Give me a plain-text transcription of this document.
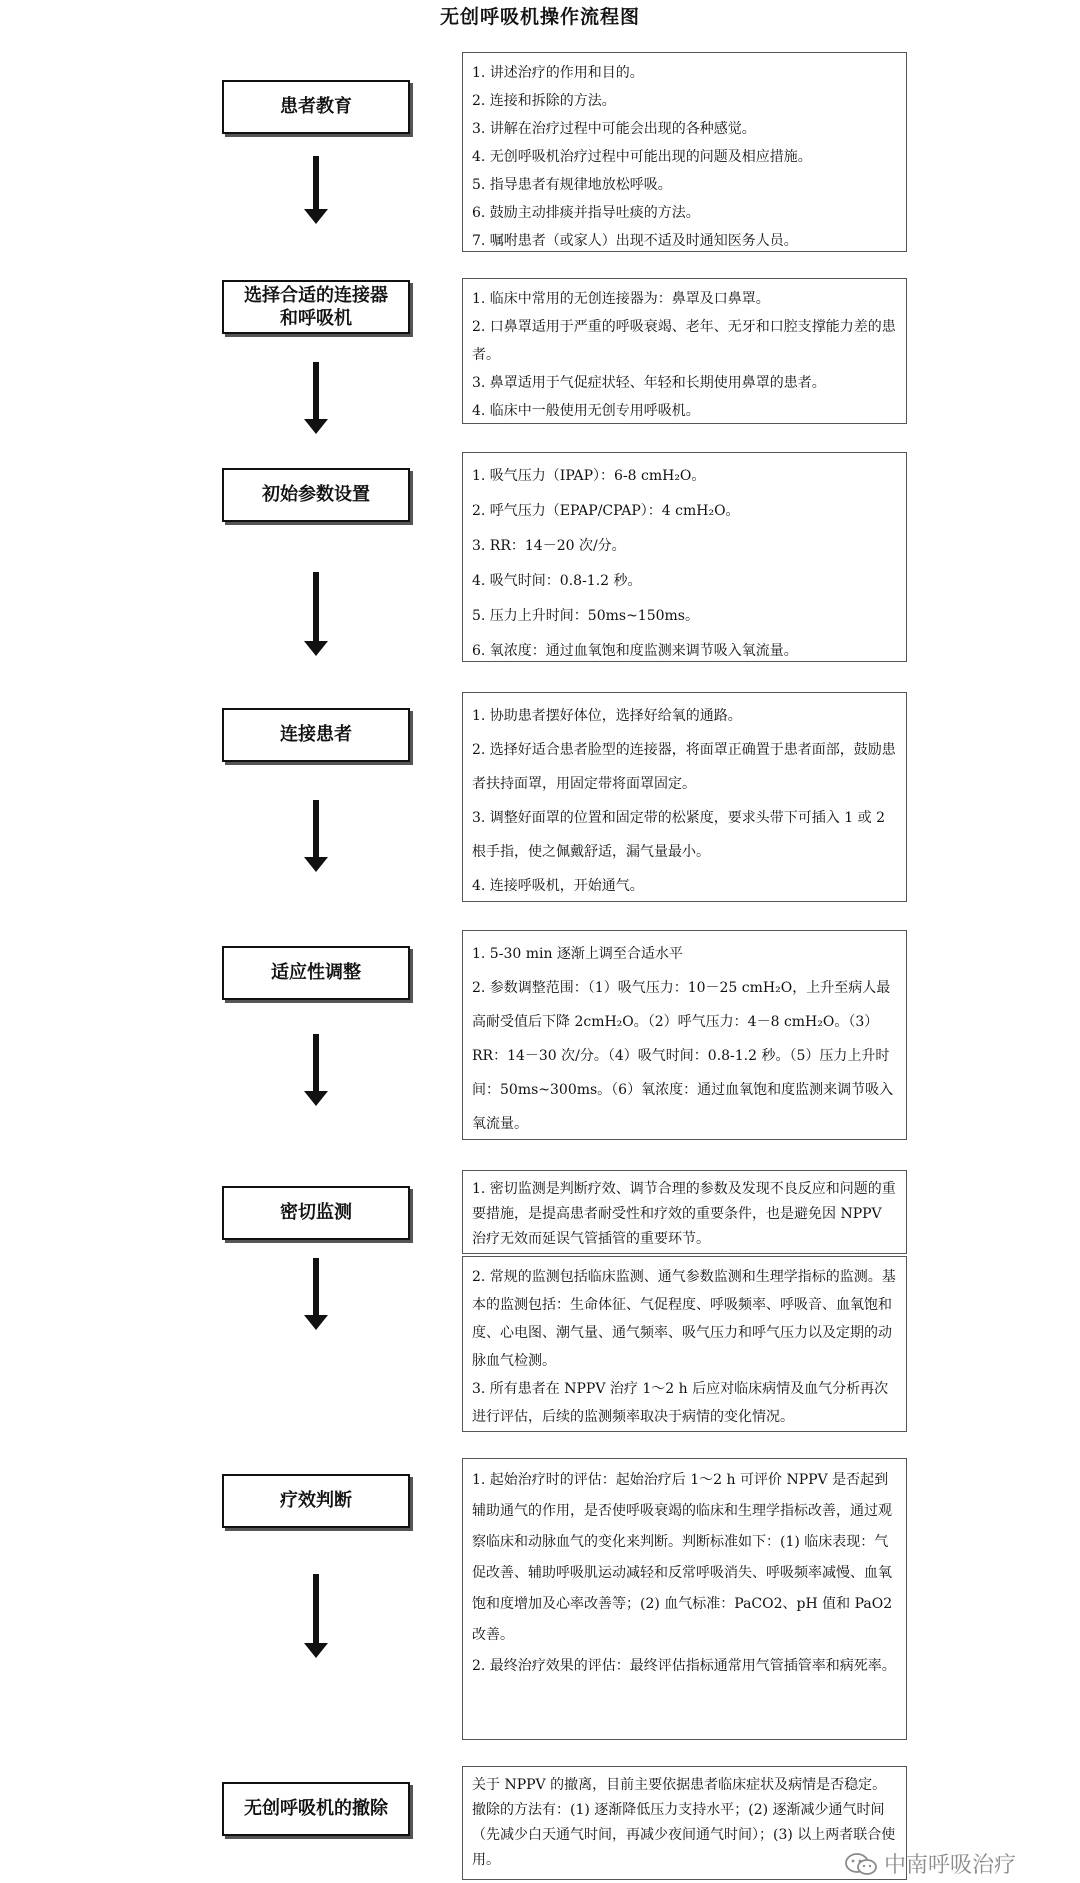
无创呼吸机操作流程图
患者教育
选择合适的连接器
和呼吸机
初始参数设置
连接患者
适应性调整
密切监测
疗效判断
无创呼吸机的撤除

1. 讲述治疗的作用和目的。

2. 连接和拆除的方法。

3. 讲解在治疗过程中可能会出现的各种感觉。

4. 无创呼吸机治疗过程中可能出现的问题及相应措施。

5. 指导患者有规律地放松呼吸。

6. 鼓励主动排痰并指导吐痰的方法。

7. 嘱咐患者（或家人）出现不适及时通知医务人员。

1. 临床中常用的无创连接器为：鼻罩及口鼻罩。

2. 口鼻罩适用于严重的呼吸衰竭、老年、无牙和口腔支撑能力差的患者。

3. 鼻罩适用于气促症状轻、年轻和长期使用鼻罩的患者。

4. 临床中一般使用无创专用呼吸机。

1. 吸气压力（IPAP）：6-8 cmH₂O。

2. 呼气压力（EPAP/CPAP）：4 cmH₂O。

3. RR：14－20 次/分。

4. 吸气时间：0.8-1.2 秒。

5. 压力上升时间：50ms~150ms。

6. 氧浓度：通过血氧饱和度监测来调节吸入氧流量。

1. 协助患者摆好体位，选择好给氧的通路。

2. 选择好适合患者脸型的连接器，将面罩正确置于患者面部，鼓励患者扶持面罩，用固定带将面罩固定。

3. 调整好面罩的位置和固定带的松紧度，要求头带下可插入 1 或 2 根手指，使之佩戴舒适，漏气量最小。

4. 连接呼吸机，开始通气。

1. 5-30 min 逐渐上调至合适水平

2. 参数调整范围：（1）吸气压力：10－25 cmH₂O，上升至病人最高耐受值后下降 2cmH₂O。（2）呼气压力：4－8 cmH₂O。（3）RR：14－30 次/分。（4）吸气时间：0.8-1.2 秒。（5）压力上升时间：50ms~300ms。（6）氧浓度：通过血氧饱和度监测来调节吸入氧流量。

1. 密切监测是判断疗效、调节合理的参数及发现不良反应和问题的重要措施，是提高患者耐受性和疗效的重要条件，也是避免因 NPPV 治疗无效而延误气管插管的重要环节。

2. 常规的监测包括临床监测、通气参数监测和生理学指标的监测。基本的监测包括：生命体征、气促程度、呼吸频率、呼吸音、血氧饱和度、心电图、潮气量、通气频率、吸气压力和呼气压力以及定期的动脉血气检测。

3. 所有患者在 NPPV 治疗 1～2 h 后应对临床病情及血气分析再次进行评估，后续的监测频率取决于病情的变化情况。

1. 起始治疗时的评估：起始治疗后 1～2 h 可评价 NPPV 是否起到辅助通气的作用，是否使呼吸衰竭的临床和生理学指标改善，通过观察临床和动脉血气的变化来判断。判断标准如下：(1) 临床表现：气促改善、辅助呼吸肌运动减轻和反常呼吸消失、呼吸频率减慢、血氧饱和度增加及心率改善等；(2) 血气标准：PaCO2、pH 值和 PaO2 改善。

2. 最终治疗效果的评估：最终评估指标通常用气管插管率和病死率。

关于 NPPV 的撤离，目前主要依据患者临床症状及病情是否稳定。撤除的方法有：(1) 逐渐降低压力支持水平；(2) 逐渐减少通气时间（先减少白天通气时间，再减少夜间通气时间）；(3) 以上两者联合使用。	中南呼吸治疗
